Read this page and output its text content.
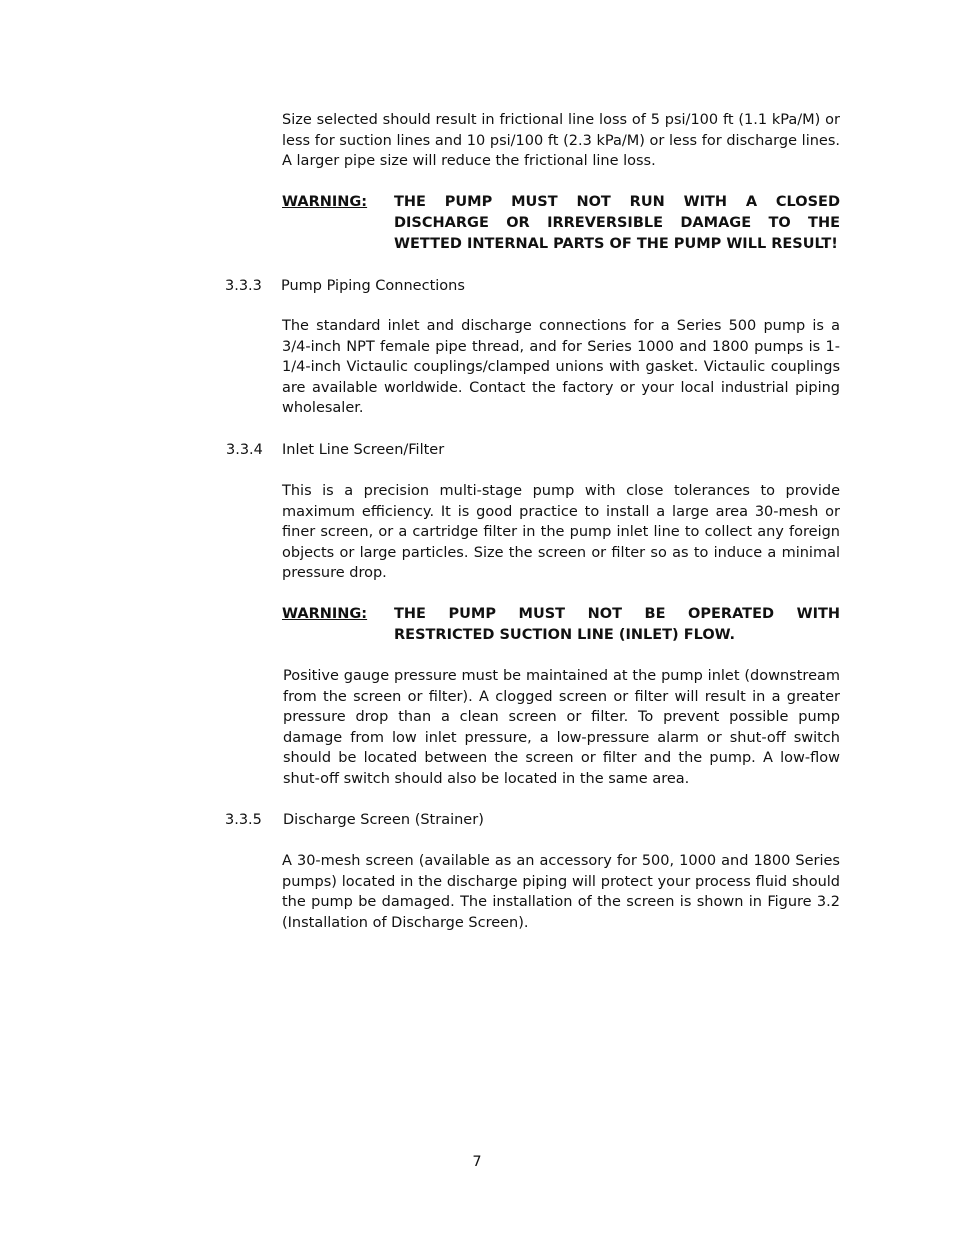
Size selected should result in frictional line loss of 5 psi/100 ft (1.1 kPa/M) or less for suction lines and 10 psi/100 ft (2.3 kPa/M) or less for discharge lines. A larger pipe size will reduce the frictional line loss.

WARNING: THE PUMP MUST NOT RUN WITH A CLOSED DISCHARGE OR IRREVERSIBLE DAMAGE TO THE WETTED INTERNAL PARTS OF THE PUMP WILL RESULT!
3.3.3 Pump Piping Connections

The standard inlet and discharge connections for a Series 500 pump is a 3/4-inch NPT female pipe thread, and for Series 1000 and 1800 pumps is 1-1/4-inch Victaulic couplings/clamped unions with gasket. Victaulic couplings are available worldwide. Contact the factory or your local industrial piping wholesaler.

3.3.4 Inlet Line Screen/Filter

This is a precision multi-stage pump with close tolerances to provide maximum efficiency. It is good practice to install a large area 30-mesh or finer screen, or a cartridge filter in the pump inlet line to collect any foreign objects or large particles. Size the screen or filter so as to induce a minimal pressure drop.

WARNING: THE PUMP MUST NOT BE OPERATED WITH RESTRICTED SUCTION LINE (INLET) FLOW.

Positive gauge pressure must be maintained at the pump inlet (downstream from the screen or filter). A clogged screen or filter will result in a greater pressure drop than a clean screen or filter. To prevent possible pump damage from low inlet pressure, a low-pressure alarm or shut-off switch should be located between the screen or filter and the pump. A low-flow shut-off switch should also be located in the same area.

3.3.5 Discharge Screen (Strainer)

A 30-mesh screen (available as an accessory for 500, 1000 and 1800 Series pumps) located in the discharge piping will protect your process fluid should the pump be damaged. The installation of the screen is shown in Figure 3.2 (Installation of Discharge Screen).

7
